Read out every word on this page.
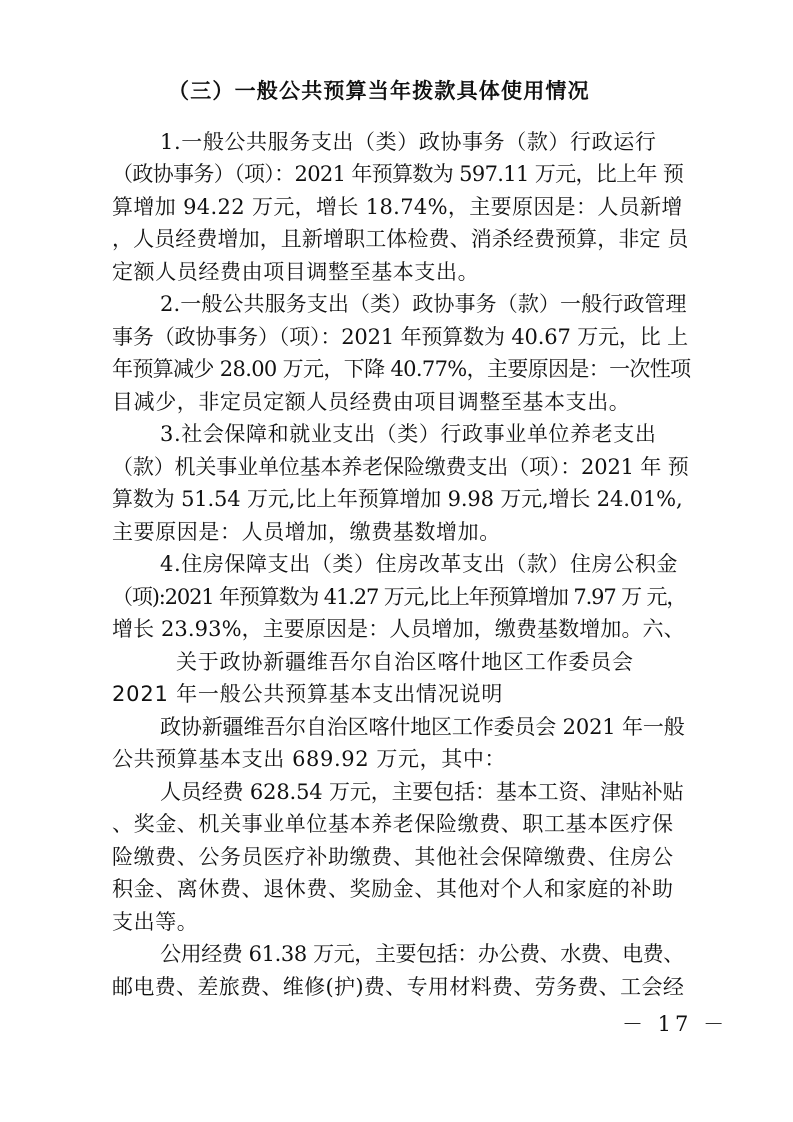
（三）一般公共预算当年拨款具体使用情况
1.一般公共服务支出（类）政协事务（款）行政运行
（政协事务）（项）：2021 年预算数为 597.11 万元，比上年 预
算增加 94.22 万元，增长 18.74%，主要原因是：人员新增
，人员经费增加，且新增职工体检费、消杀经费预算，非定 员
定额人员经费由项目调整至基本支出。
2.一般公共服务支出（类）政协事务（款）一般行政管理
事务（政协事务）（项）：2021 年预算数为 40.67 万元，比 上
年预算减少 28.00 万元，下降 40.77%，主要原因是：一次性项
目减少，非定员定额人员经费由项目调整至基本支出。
3.社会保障和就业支出（类）行政事业单位养老支出
（款）机关事业单位基本养老保险缴费支出（项）：2021 年 预
算数为 51.54 万元,比上年预算增加 9.98 万元,增长 24.01%,
主要原因是：人员增加，缴费基数增加。
4.住房保障支出（类）住房改革支出（款）住房公积金
（项):2021 年预算数为 41.27 万元,比上年预算增加 7.97 万 元，
增长 23.93%，主要原因是：人员增加，缴费基数增加。六、
关于政协新疆维吾尔自治区喀什地区工作委员会
2021 年一般公共预算基本支出情况说明
政协新疆维吾尔自治区喀什地区工作委员会 2021 年一般
公共预算基本支出 689.92 万元，其中：
人员经费 628.54 万元，主要包括：基本工资、津贴补贴
、奖金、机关事业单位基本养老保险缴费、职工基本医疗保
险缴费、公务员医疗补助缴费、其他社会保障缴费、住房公
积金、离休费、退休费、奖励金、其他对个人和家庭的补助
支出等。
公用经费 61.38 万元，主要包括：办公费、水费、电费、
邮电费、差旅费、维修(护)费、专用材料费、劳务费、工会经
－ 17 －
